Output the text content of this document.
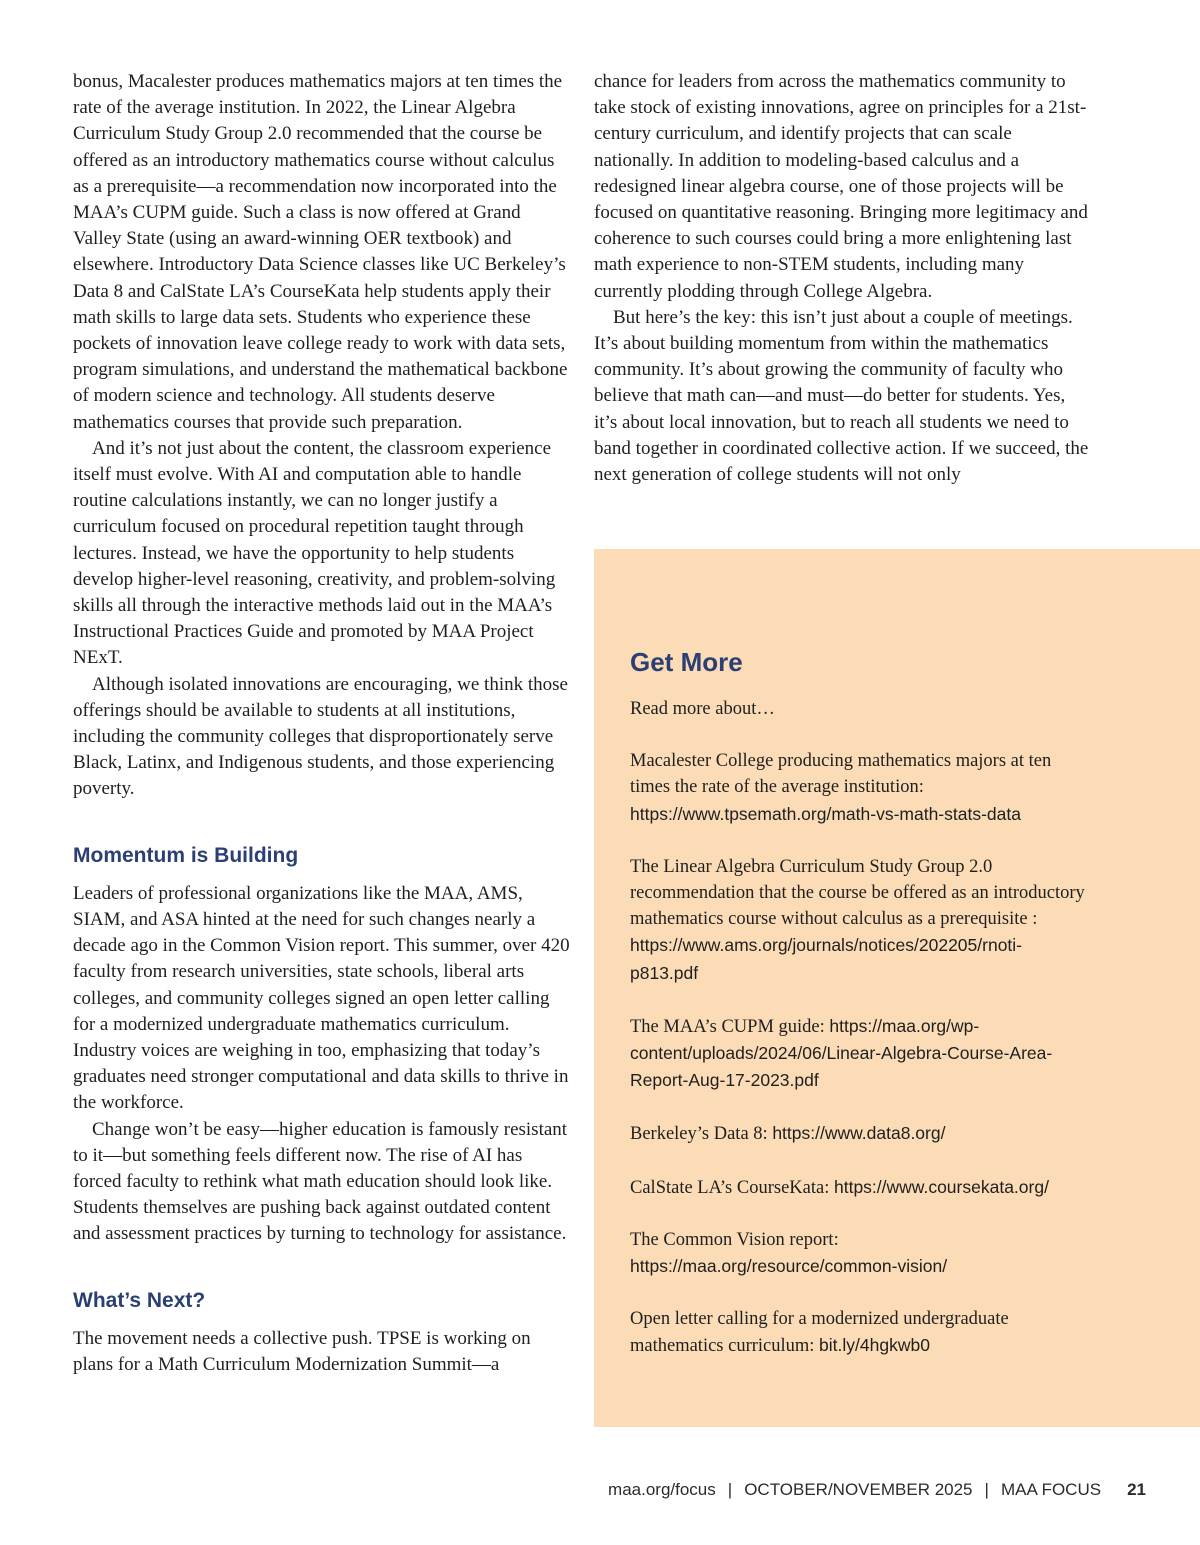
bonus, Macalester produces mathematics majors at ten times the rate of the average institution. In 2022, the Linear Algebra Curriculum Study Group 2.0 recommended that the course be offered as an introductory mathematics course without calculus as a prerequisite—a recommendation now incorporated into the MAA’s CUPM guide. Such a class is now offered at Grand Valley State (using an award-winning OER textbook) and elsewhere. Introductory Data Science classes like UC Berkeley’s Data 8 and CalState LA’s CourseKata help students apply their math skills to large data sets. Students who experience these pockets of innovation leave college ready to work with data sets, program simulations, and understand the mathematical backbone of modern science and technology. All students deserve mathematics courses that provide such preparation.

And it’s not just about the content, the classroom experience itself must evolve. With AI and computation able to handle routine calculations instantly, we can no longer justify a curriculum focused on procedural repetition taught through lectures. Instead, we have the opportunity to help students develop higher-level reasoning, creativity, and problem-solving skills all through the interactive methods laid out in the MAA’s Instructional Practices Guide and promoted by MAA Project NExT.

Although isolated innovations are encouraging, we think those offerings should be available to students at all institutions, including the community colleges that disproportionately serve Black, Latinx, and Indigenous students, and those experiencing poverty.

Momentum is Building

Leaders of professional organizations like the MAA, AMS, SIAM, and ASA hinted at the need for such changes nearly a decade ago in the Common Vision report. This summer, over 420 faculty from research universities, state schools, liberal arts colleges, and community colleges signed an open letter calling for a modernized undergraduate mathematics curriculum. Industry voices are weighing in too, emphasizing that today’s graduates need stronger computational and data skills to thrive in the workforce.

Change won’t be easy—higher education is famously resistant to it—but something feels different now. The rise of AI has forced faculty to rethink what math education should look like. Students themselves are pushing back against outdated content and assessment practices by turning to technology for assistance.

What’s Next?

The movement needs a collective push. TPSE is working on plans for a Math Curriculum Modernization Summit—a

chance for leaders from across the mathematics community to take stock of existing innovations, agree on principles for a 21st-century curriculum, and identify projects that can scale nationally. In addition to modeling-based calculus and a redesigned linear algebra course, one of those projects will be focused on quantitative reasoning. Bringing more legitimacy and coherence to such courses could bring a more enlightening last math experience to non-STEM students, including many currently plodding through College Algebra.

But here’s the key: this isn’t just about a couple of meetings. It’s about building momentum from within the mathematics community. It’s about growing the community of faculty who believe that math can—and must—do better for students. Yes, it’s about local innovation, but to reach all students we need to band together in coordinated collective action. If we succeed, the next generation of college students will not only

Get More

Read more about…

Macalester College producing mathematics majors at ten times the rate of the average institution: https://www.tpsemath.org/math-vs-math-stats-data

The Linear Algebra Curriculum Study Group 2.0 recommendation that the course be offered as an introductory mathematics course without calculus as a prerequisite : https://www.ams.org/journals/notices/202205/rnoti-p813.pdf

The MAA’s CUPM guide: https://maa.org/wp-content/uploads/2024/06/Linear-Algebra-Course-Area-Report-Aug-17-2023.pdf

Berkeley’s Data 8: https://www.data8.org/

CalState LA’s CourseKata: https://www.coursekata.org/

The Common Vision report: https://maa.org/resource/common-vision/

Open letter calling for a modernized undergraduate mathematics curriculum: bit.ly/4hgkwb0

maa.org/focus | OCTOBER/NOVEMBER 2025 | MAA FOCUS 21
